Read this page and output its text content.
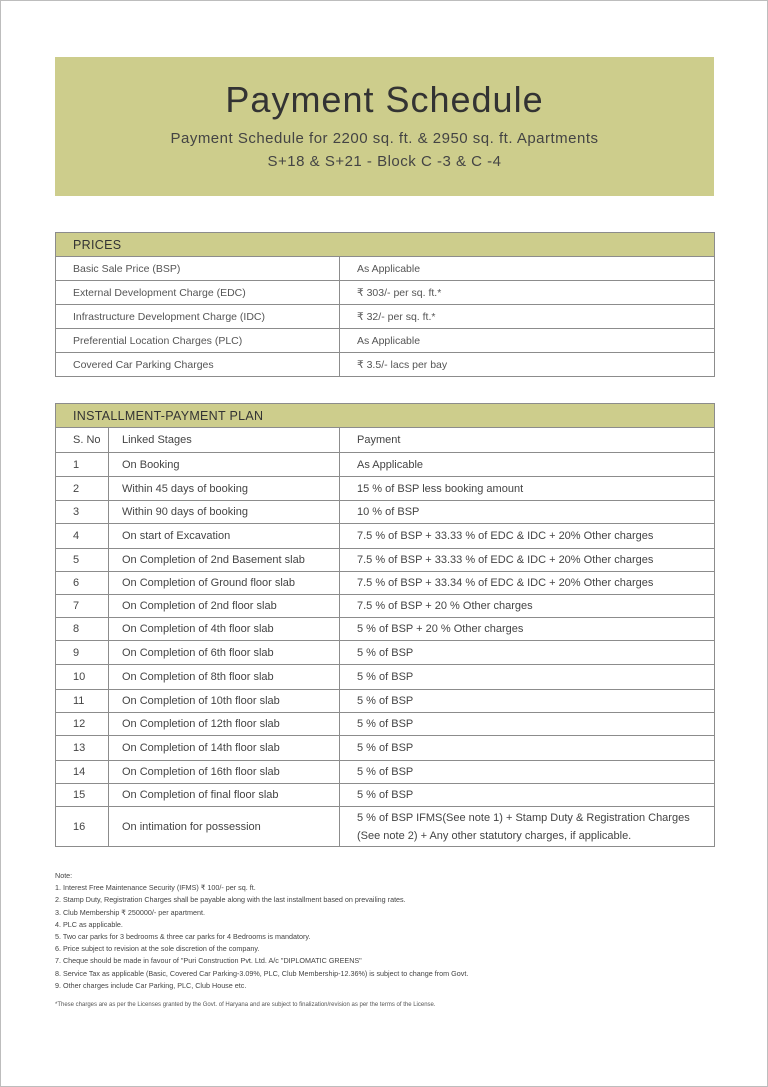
Payment Schedule
Payment Schedule for 2200 sq. ft. & 2950 sq. ft. Apartments
S+18 & S+21 - Block C -3 & C -4
PRICES	
Basic Sale Price (BSP)	As Applicable
External Development Charge (EDC)	₹ 303/- per sq. ft.*
Infrastructure Development Charge (IDC)	₹ 32/- per sq. ft.*
Preferential Location Charges (PLC)	As Applicable
Covered Car Parking Charges	₹ 3.5/- lacs per bay
INSTALLMENT-PAYMENT PLAN		
S. No	Linked Stages	Payment
1	On Booking	As Applicable
2	Within 45 days of booking	15 % of BSP less booking amount
3	Within 90 days of booking	10 % of BSP
4	On start of Excavation	7.5 % of BSP + 33.33 % of EDC & IDC + 20% Other charges
5	On Completion of 2nd Basement slab	7.5 % of BSP + 33.33 % of EDC & IDC + 20% Other charges
6	On Completion of Ground floor slab	7.5 % of BSP + 33.34 % of EDC & IDC + 20% Other charges
7	On Completion of 2nd floor slab	7.5 % of BSP + 20 % Other charges
8	On Completion of 4th floor slab	5 % of BSP + 20 % Other charges
9	On Completion of 6th floor slab	5 % of BSP
10	On Completion of 8th floor slab	5 % of BSP
11	On Completion of 10th floor slab	5 % of BSP
12	On Completion of 12th floor slab	5 % of BSP
13	On Completion of 14th floor slab	5 % of BSP
14	On Completion of 16th floor slab	5 % of BSP
15	On Completion of final floor slab	5 % of BSP
16	On intimation for possession	5 % of BSP IFMS(See note 1) + Stamp Duty & Registration Charges
(See note 2) + Any other statutory charges, if applicable.
Note:
1. Interest Free Maintenance Security (IFMS) ₹ 100/- per sq. ft.
2. Stamp Duty, Registration Charges shall be payable along with the last installment based on prevailing rates.
3. Club Membership ₹ 250000/- per apartment.
4. PLC as applicable.
5. Two car parks for 3 bedrooms & three car parks for 4 Bedrooms is mandatory.
6. Price subject to revision at the sole discretion of the company.
7. Cheque should be made in favour of "Puri Construction Pvt. Ltd. A/c "DIPLOMATIC GREENS"
8. Service Tax as applicable (Basic, Covered Car Parking-3.09%, PLC, Club Membership-12.36%) is subject to change from Govt.
9. Other charges include Car Parking, PLC, Club House etc.
*These charges are as per the Licenses granted by the Govt. of Haryana and are subject to finalization/revision as per the terms of the License.
